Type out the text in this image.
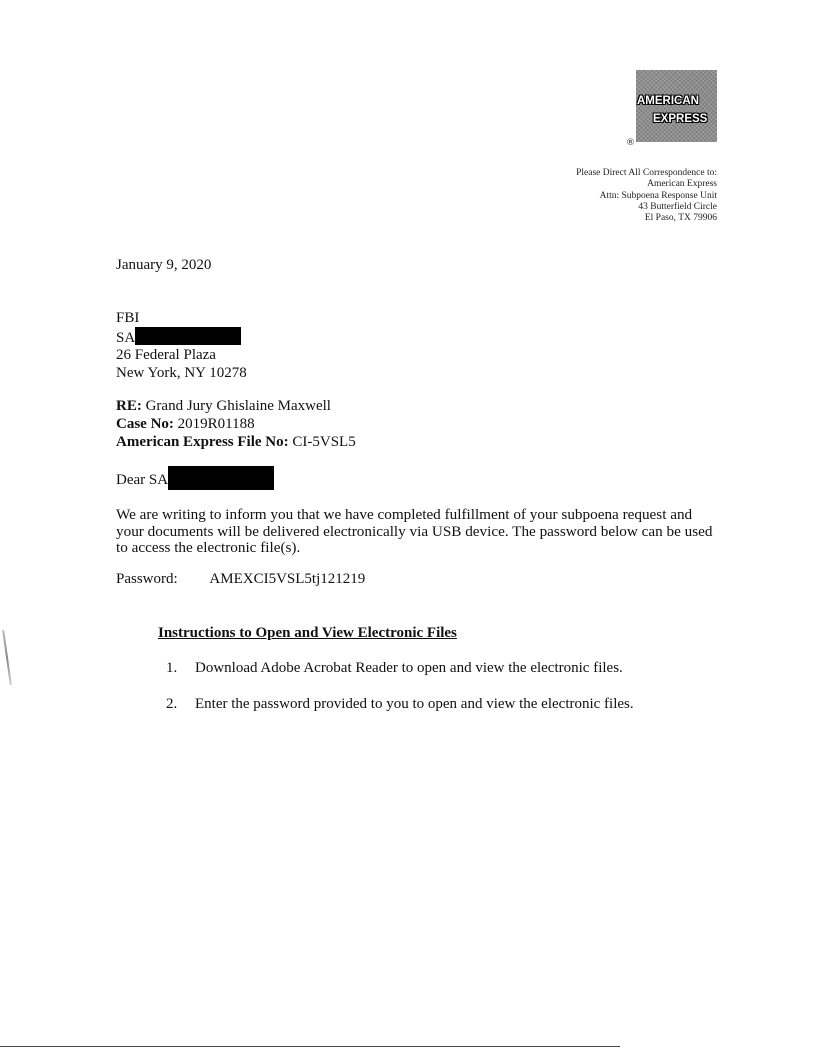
AMERICAN
EXPRESS
®
Please Direct All Correspondence to:
American Express
Attn: Subpoena Response Unit
43 Butterfield Circle
El Paso, TX 79906
January 9, 2020
FBI
SA
26 Federal Plaza
New York, NY 10278
RE: Grand Jury Ghislaine Maxwell
Case No: 2019R01188
American Express File No: CI-5VSL5
Dear SA
We are writing to inform you that we have completed fulfillment of your subpoena request and your documents will be delivered electronically via USB device. The password below can be used to access the electronic file(s).
Password: AMEXCI5VSL5tj121219
Instructions to Open and View Electronic Files
1. Download Adobe Acrobat Reader to open and view the electronic files.
2. Enter the password provided to you to open and view the electronic files.
